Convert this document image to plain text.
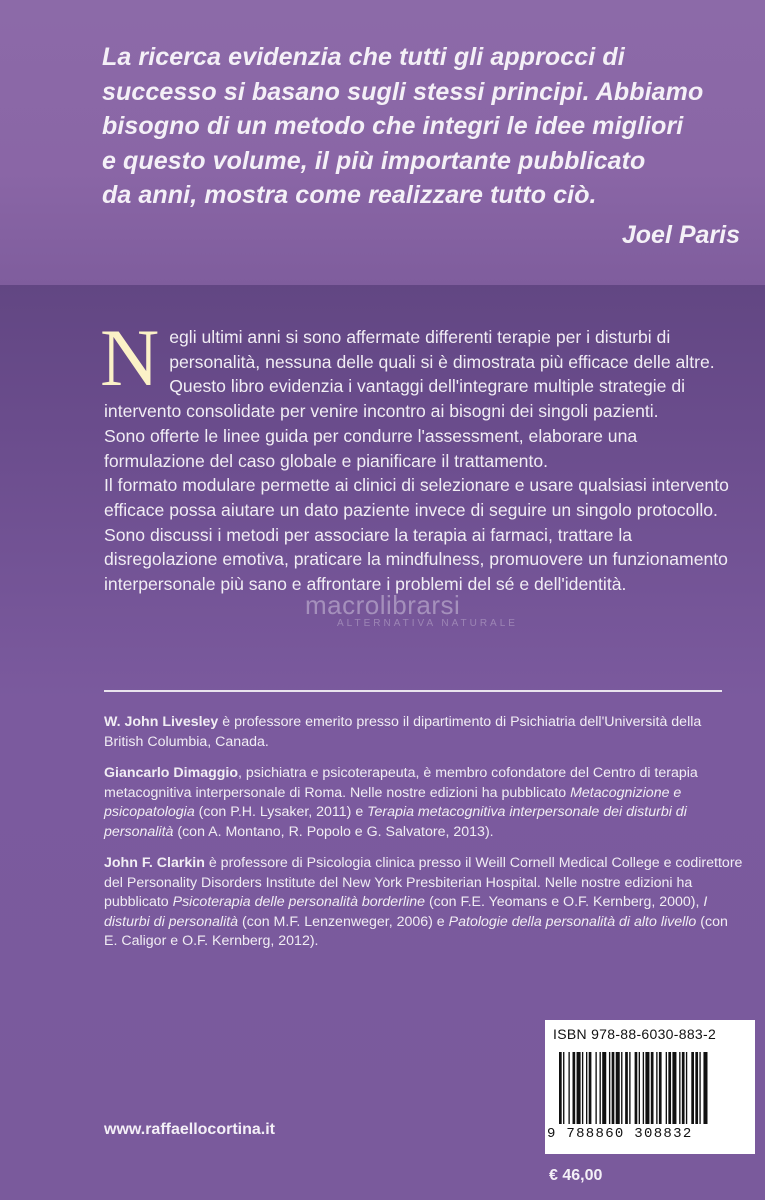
La ricerca evidenzia che tutti gli approcci di
successo si basano sugli stessi principi. Abbiamo
bisogno di un metodo che integri le idee migliori
e questo volume, il più importante pubblicato
da anni, mostra come realizzare tutto ciò.
Joel Paris
N egli ultimi anni si sono affermate differenti terapie per i disturbi di personalità, nessuna delle quali si è dimostrata più efficace delle altre. Questo libro evidenzia i vantaggi dell'integrare multiple strategie di intervento consolidate per venire incontro ai bisogni dei singoli pazienti.

Sono offerte le linee guida per condurre l'assessment, elaborare una formulazione del caso globale e pianificare il trattamento.

Il formato modulare permette ai clinici di selezionare e usare qualsiasi intervento efficace possa aiutare un dato paziente invece di seguire un singolo protocollo. Sono discussi i metodi per associare la terapia ai farmaci, trattare la disregolazione emotiva, praticare la mindfulness, promuovere un funzionamento interpersonale più sano e affrontare i problemi del sé e dell'identità.

macrolibrarsi
ALTERNATIVA NATURALE

W. John Livesley è professore emerito presso il dipartimento di Psichiatria dell'Università della British Columbia, Canada.

Giancarlo Dimaggio, psichiatra e psicoterapeuta, è membro cofondatore del Centro di terapia metacognitiva interpersonale di Roma. Nelle nostre edizioni ha pubblicato Metacognizione e psicopatologia (con P.H. Lysaker, 2011) e Terapia metacognitiva interpersonale dei disturbi di personalità (con A. Montano, R. Popolo e G. Salvatore, 2013).

John F. Clarkin è professore di Psicologia clinica presso il Weill Cornell Medical College e codirettore del Personality Disorders Institute del New York Presbiterian Hospital. Nelle nostre edizioni ha pubblicato Psicoterapia delle personalità borderline (con F.E. Yeomans e O.F. Kernberg, 2000), I disturbi di personalità (con M.F. Lenzenweger, 2006) e Patologie della personalità di alto livello (con E. Caligor e O.F. Kernberg, 2012).

www.raffaellocortina.it
ISBN 978-88-6030-883-2
9 788860 308832
€ 46,00
